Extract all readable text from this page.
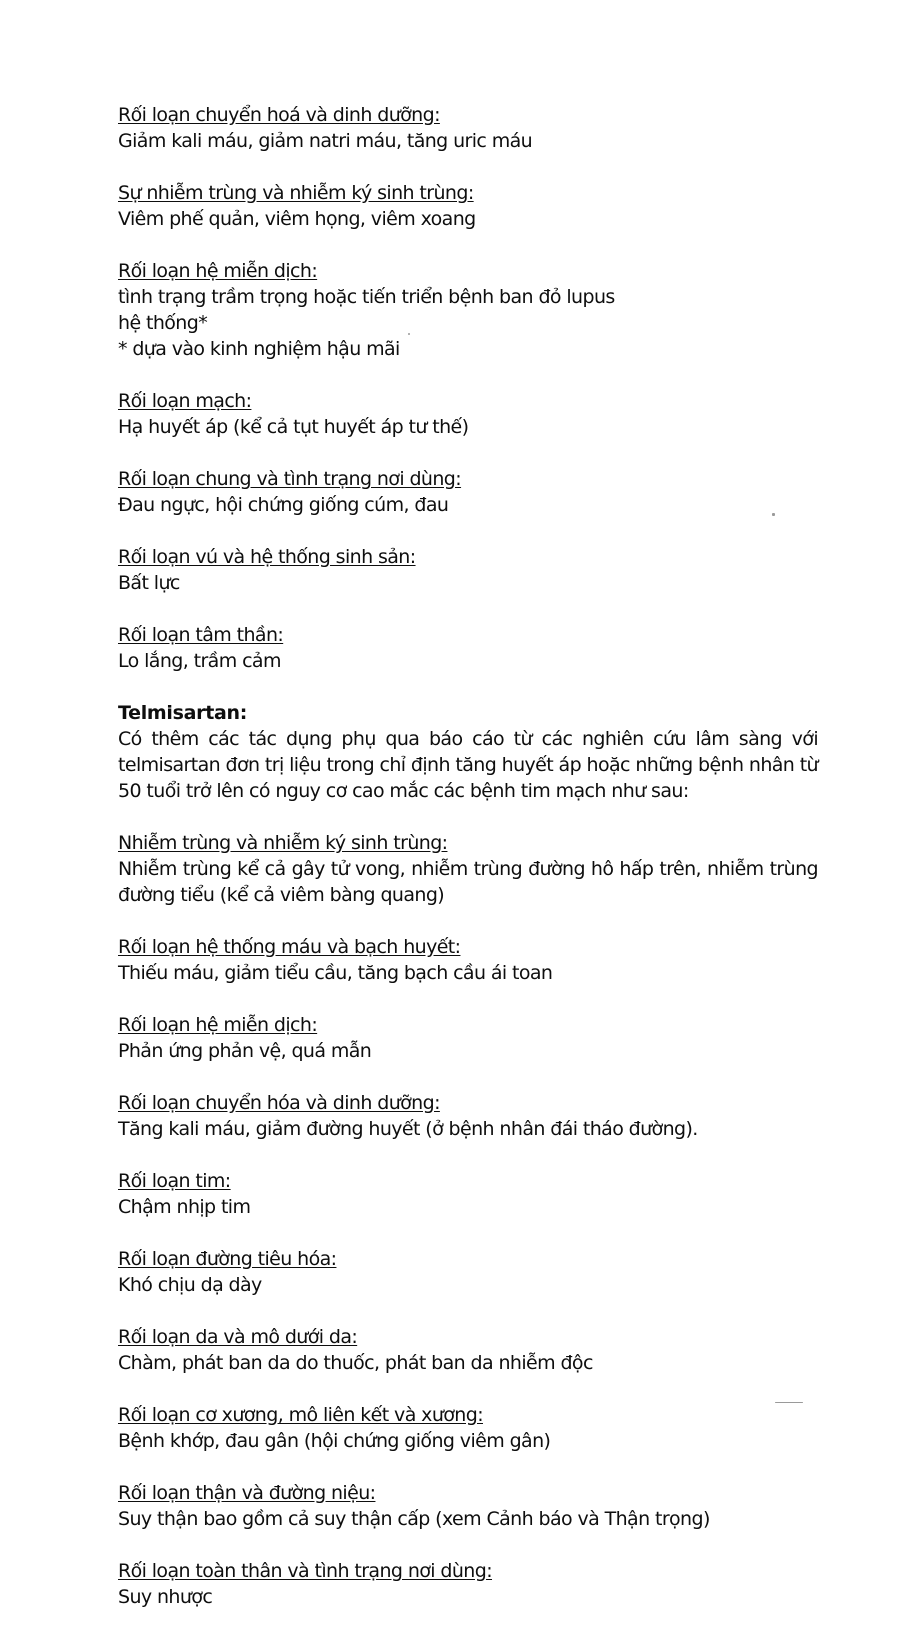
Rối loạn chuyển hoá và dinh dưỡng:
Giảm kali máu, giảm natri máu, tăng uric máu
Sự nhiễm trùng và nhiễm ký sinh trùng:
Viêm phế quản, viêm họng, viêm xoang
Rối loạn hệ miễn dịch:
tình trạng trầm trọng hoặc tiến triển bệnh ban đỏ lupus
hệ thống*
* dựa vào kinh nghiệm hậu mãi
Rối loạn mạch:
Hạ huyết áp (kể cả tụt huyết áp tư thế)
Rối loạn chung và tình trạng nơi dùng:
Đau ngực, hội chứng giống cúm, đau
Rối loạn vú và hệ thống sinh sản:
Bất lực
Rối loạn tâm thần:
Lo lắng, trầm cảm
Telmisartan:
Có thêm các tác dụng phụ qua báo cáo từ các nghiên cứu lâm sàng với telmisartan đơn trị liệu trong chỉ định tăng huyết áp hoặc những bệnh nhân từ 50 tuổi trở lên có nguy cơ cao mắc các bệnh tim mạch như sau:
Nhiễm trùng và nhiễm ký sinh trùng:
Nhiễm trùng kể cả gây tử vong, nhiễm trùng đường hô hấp trên, nhiễm trùng đường tiểu (kể cả viêm bàng quang)
Rối loạn hệ thống máu và bạch huyết:
Thiếu máu, giảm tiểu cầu, tăng bạch cầu ái toan
Rối loạn hệ miễn dịch:
Phản ứng phản vệ, quá mẫn
Rối loạn chuyển hóa và dinh dưỡng:
Tăng kali máu, giảm đường huyết (ở bệnh nhân đái tháo đường).
Rối loạn tim:
Chậm nhịp tim
Rối loạn đường tiêu hóa:
Khó chịu dạ dày
Rối loạn da và mô dưới da:
Chàm, phát ban da do thuốc, phát ban da nhiễm độc
Rối loạn cơ xương, mô liên kết và xương:
Bệnh khớp, đau gân (hội chứng giống viêm gân)
Rối loạn thận và đường niệu:
Suy thận bao gồm cả suy thận cấp (xem Cảnh báo và Thận trọng)
Rối loạn toàn thân và tình trạng nơi dùng:
Suy nhược
